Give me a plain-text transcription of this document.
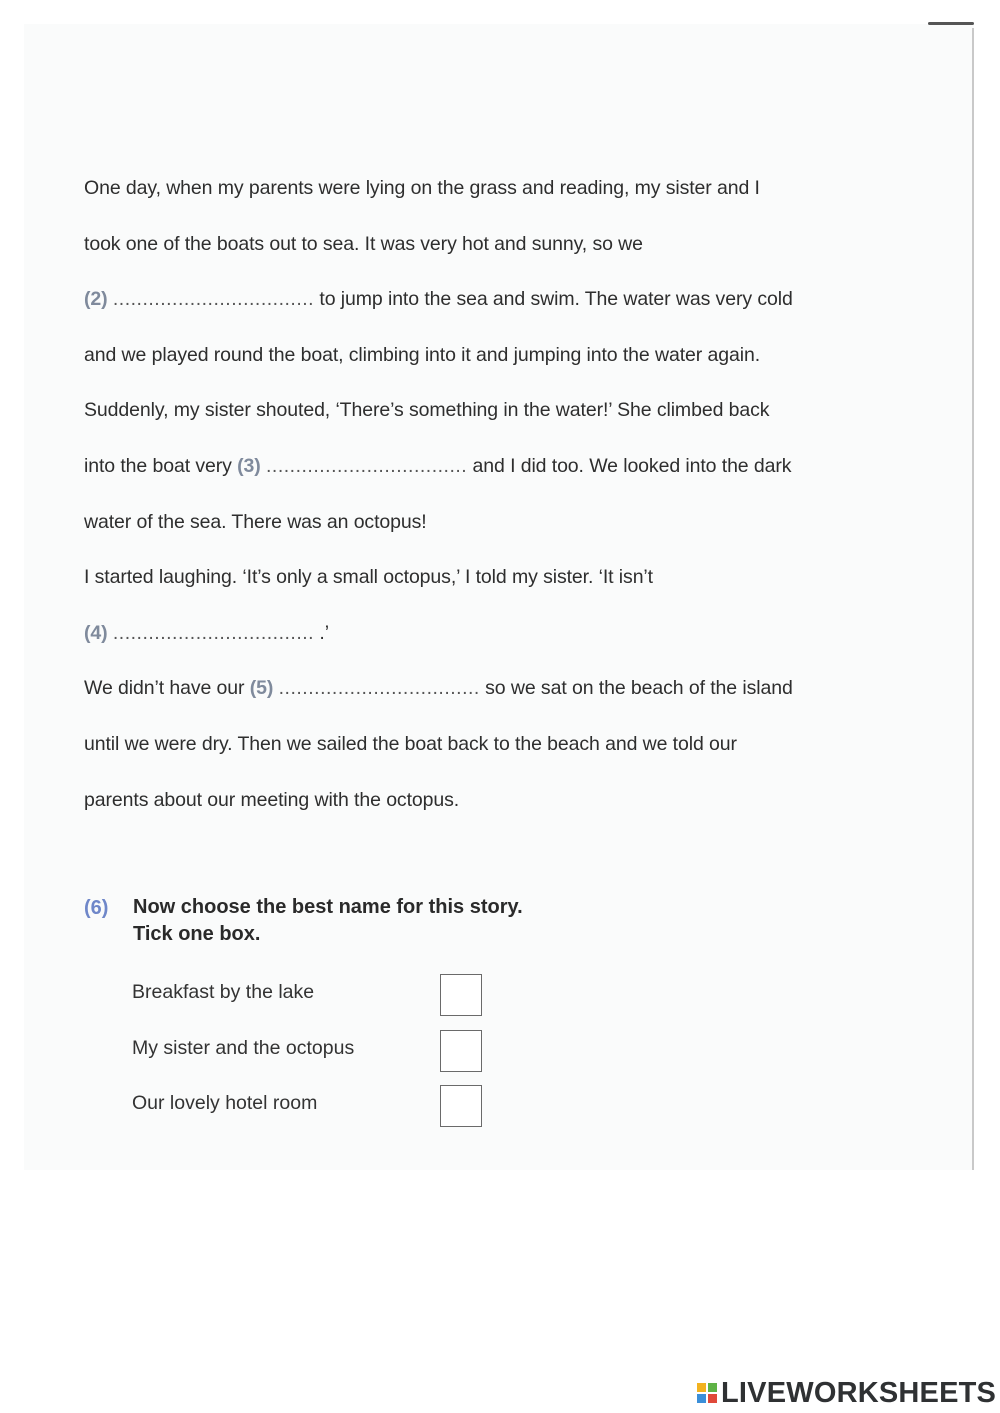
One day, when my parents were lying on the grass and reading, my sister and I
took one of the boats out to sea. It was very hot and sunny, so we
(2) .................................. to jump into the sea and swim. The water was very cold
and we played round the boat, climbing into it and jumping into the water again.
Suddenly, my sister shouted, ‘There’s something in the water!’ She climbed back
into the boat very (3) .................................. and I did too. We looked into the dark
water of the sea. There was an octopus!
I started laughing. ‘It’s only a small octopus,’ I told my sister. ‘It isn’t
(4) .................................. .’
We didn’t have our (5) .................................. so we sat on the beach of the island
until we were dry. Then we sailed the boat back to the beach and we told our
parents about our meeting with the octopus.
(6) Now choose the best name for this story.
Tick one box.
Breakfast by the lake
My sister and the octopus
Our lovely hotel room
LIVEWORKSHEETS
